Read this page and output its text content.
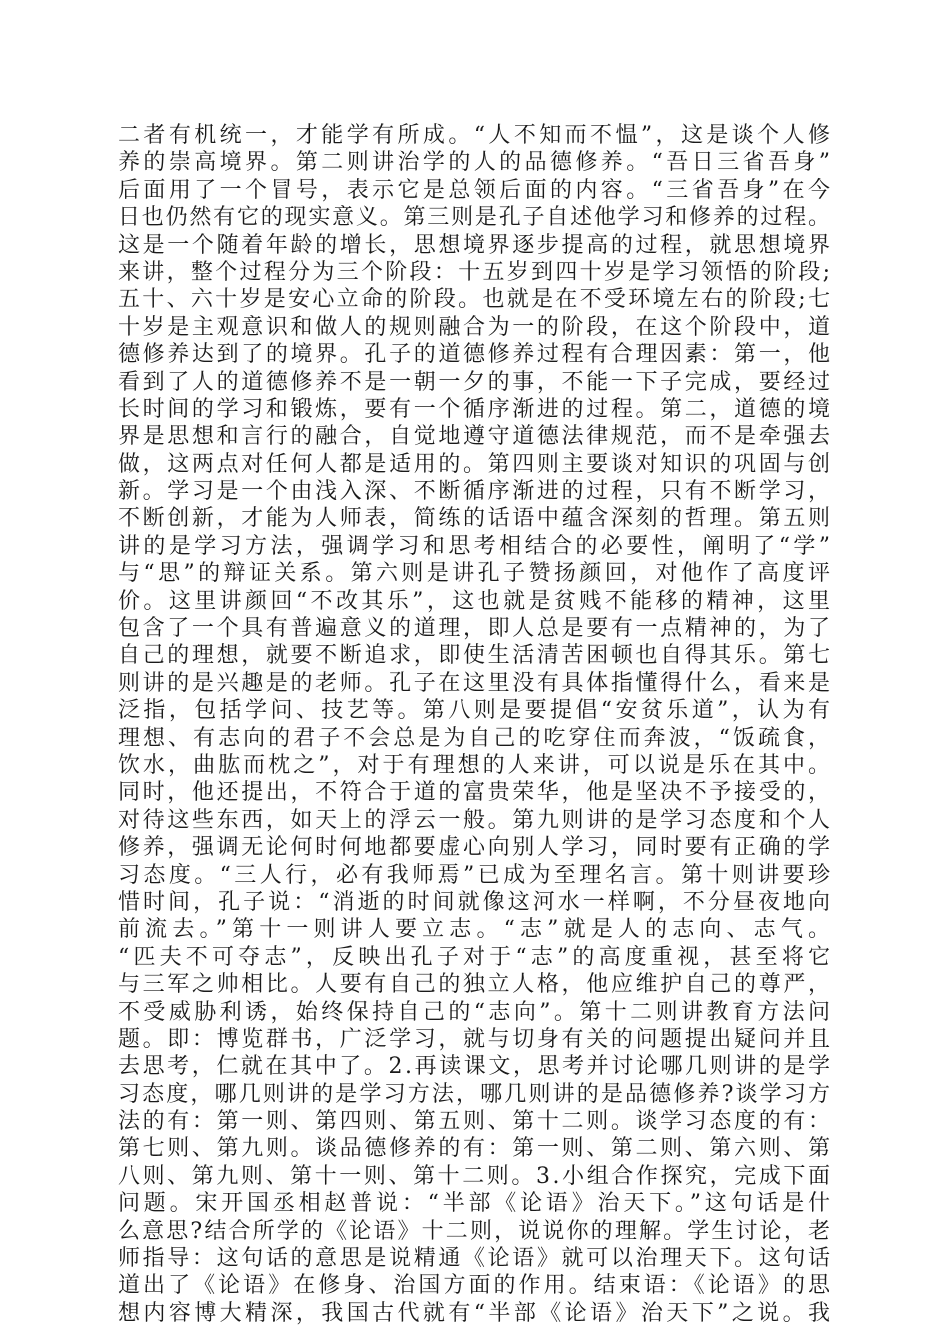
二者有机统一，才能学有所成。“人不知而不愠”，这是谈个人修
养的崇高境界。第二则讲治学的人的品德修养。“吾日三省吾身”
后面用了一个冒号，表示它是总领后面的内容。“三省吾身”在今
日也仍然有它的现实意义。第三则是孔子自述他学习和修养的过程。
这是一个随着年龄的增长，思想境界逐步提高的过程，就思想境界
来讲，整个过程分为三个阶段：十五岁到四十岁是学习领悟的阶段;
五十、六十岁是安心立命的阶段。也就是在不受环境左右的阶段;七
十岁是主观意识和做人的规则融合为一的阶段，在这个阶段中，道
德修养达到了的境界。孔子的道德修养过程有合理因素：第一，他
看到了人的道德修养不是一朝一夕的事，不能一下子完成，要经过
长时间的学习和锻炼，要有一个循序渐进的过程。第二，道德的境
界是思想和言行的融合，自觉地遵守道德法律规范，而不是牵强去
做，这两点对任何人都是适用的。第四则主要谈对知识的巩固与创
新。学习是一个由浅入深、不断循序渐进的过程，只有不断学习，
不断创新，才能为人师表，简练的话语中蕴含深刻的哲理。第五则
讲的是学习方法，强调学习和思考相结合的必要性，阐明了“学”
与“思”的辩证关系。第六则是讲孔子赞扬颜回，对他作了高度评
价。这里讲颜回“不改其乐”，这也就是贫贱不能移的精神，这里
包含了一个具有普遍意义的道理，即人总是要有一点精神的，为了
自己的理想，就要不断追求，即使生活清苦困顿也自得其乐。第七
则讲的是兴趣是的老师。孔子在这里没有具体指懂得什么，看来是
泛指，包括学问、技艺等。第八则是要提倡“安贫乐道”，认为有
理想、有志向的君子不会总是为自己的吃穿住而奔波，“饭疏食，
饮水，曲肱而枕之”，对于有理想的人来讲，可以说是乐在其中。
同时，他还提出，不符合于道的富贵荣华，他是坚决不予接受的，
对待这些东西，如天上的浮云一般。第九则讲的是学习态度和个人
修养，强调无论何时何地都要虚心向别人学习，同时要有正确的学
习态度。“三人行，必有我师焉”已成为至理名言。第十则讲要珍
惜时间，孔子说：“消逝的时间就像这河水一样啊，不分昼夜地向
前流去。”第十一则讲人要立志。“志”就是人的志向、志气。
“匹夫不可夺志”，反映出孔子对于“志”的高度重视，甚至将它
与三军之帅相比。人要有自己的独立人格，他应维护自己的尊严，
不受威胁利诱，始终保持自己的“志向”。第十二则讲教育方法问
题。即：博览群书，广泛学习，就与切身有关的问题提出疑问并且
去思考，仁就在其中了。2.再读课文，思考并讨论哪几则讲的是学
习态度，哪几则讲的是学习方法，哪几则讲的是品德修养?谈学习方
法的有：第一则、第四则、第五则、第十二则。谈学习态度的有：
第七则、第九则。谈品德修养的有：第一则、第二则、第六则、第
八则、第九则、第十一则、第十二则。3.小组合作探究，完成下面
问题。宋开国丞相赵普说：“半部《论语》治天下。”这句话是什
么意思?结合所学的《论语》十二则，说说你的理解。学生讨论，老
师指导：这句话的意思是说精通《论语》就可以治理天下。这句话
道出了《论语》在修身、治国方面的作用。结束语：《论语》的思
想内容博大精深，我国古代就有“半部《论语》治天下”之说。我
